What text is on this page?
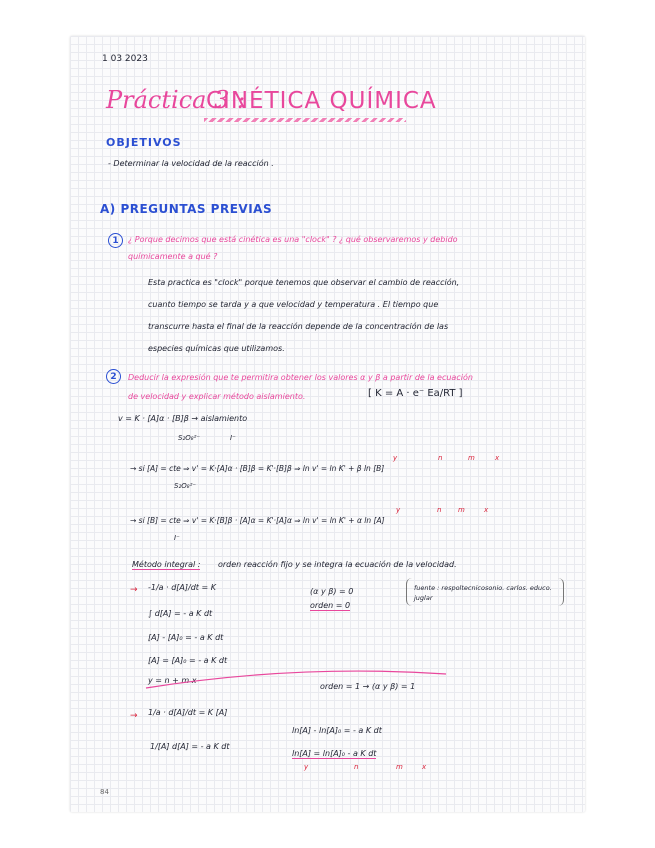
1 03 2023
Práctica 3 :
CINÉTICA QUÍMICA
OBJETIVOS
- Determinar la velocidad de la reacción .
A) PREGUNTAS PREVIAS
1	¿ Porque decimos que está cinética es una "clock" ? ¿ qué observaremos y debido
químicamente a qué ?
Esta practica es "clock" porque tenemos que observar el cambio de reacción,
cuanto tiempo se tarda y a que velocidad y temperatura . El tiempo que
transcurre hasta el final de la reacción depende de la concentración de las
especies químicas que utilizamos.
2	Deducir la expresión que te permitira obtener los valores α y β a partir de la ecuación
de velocidad y explicar método aislamiento.	[ K = A · e⁻ Ea/RT ]
v = K · [A]α · [B]β → aislamiento
S₂O₈²⁻	I⁻
y	n	m	x
→ si [A] = cte ⇒ v' = K·[A]α · [B]β = K'·[B]β ⇒ ln v' = ln K' + β ln [B]
S₂O₈²⁻
y	n m	x
→ si [B] = cte ⇒ v' = K·[B]β · [A]α = K'·[A]α ⇒ ln v' = ln K' + α ln [A]
I⁻
Método integral : orden reacción fijo y se integra la ecuación de la velocidad.
→ -1/a · d[A]/dt = K
∫ d[A] = - a K dt
[A] - [A]₀ = - a K dt
[A] = [A]₀ = - a K dt
y = n + m x
(α y β) = 0
orden = 0
fuente : respoltecnicosonio. carlos. educo. juglar
orden = 1 → (α y β) = 1
→ 1/a · d[A]/dt = K [A]
1/[A] d[A] = - a K dt
ln[A] - ln[A]₀ = - a K dt
ln[A] = ln[A]₀ - a K dt
y	n	m	x
84
